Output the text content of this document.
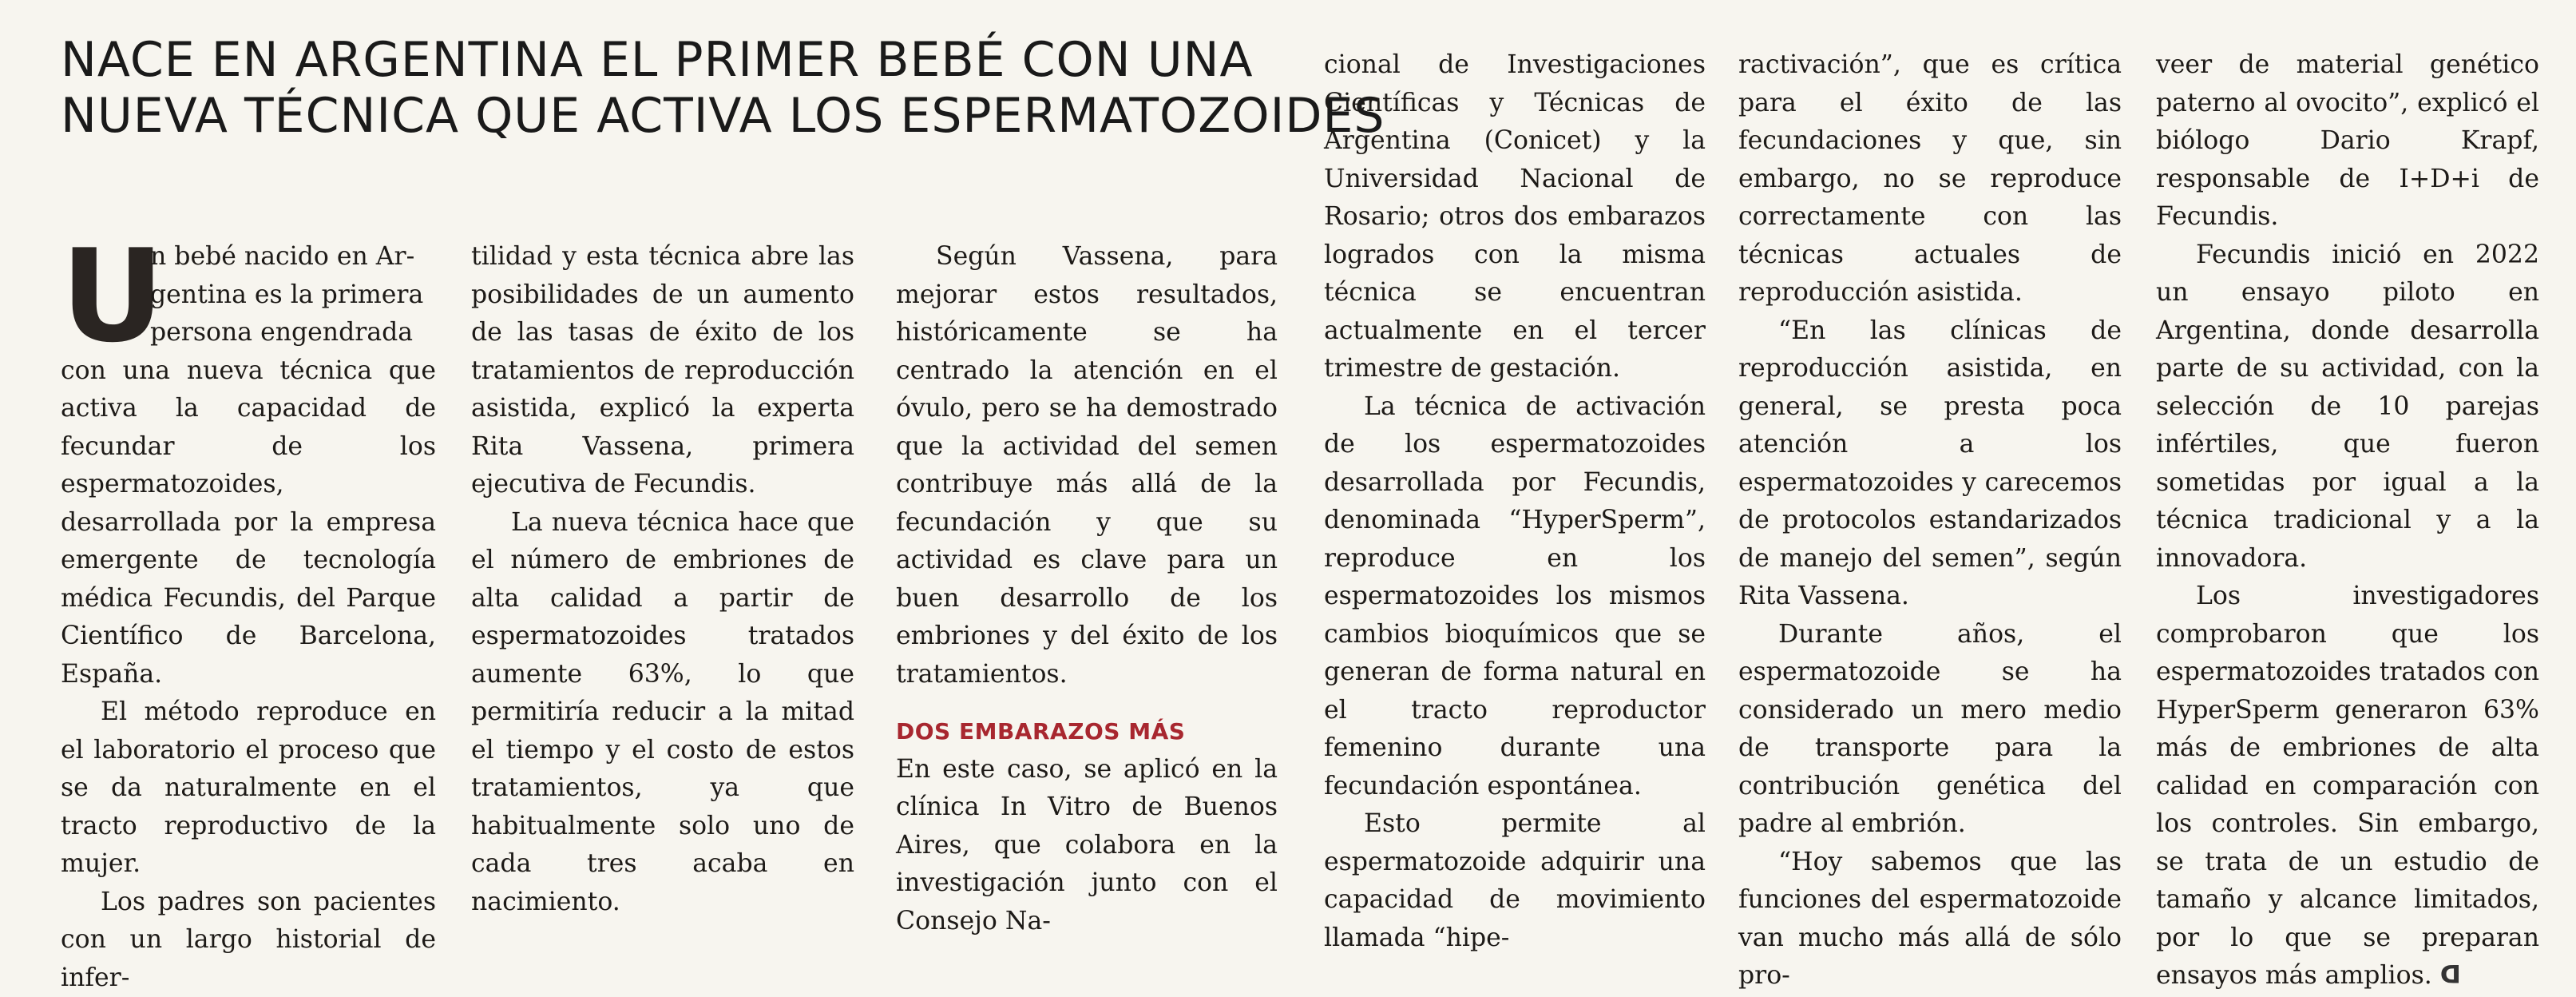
NACE EN ARGENTINA EL PRIMER BEBÉ CON UNA
NUEVA TÉCNICA QUE ACTIVA LOS ESPERMATOZOIDES
U

n bebé nacido en Ar-
gentina es la primera
persona engendrada
con una nueva técnica que activa la capacidad de fecundar de los espermatozoides, desarrollada por la empresa emergente de tecnología médica Fecundis, del Parque Científico de Barcelona, España.

El método reproduce en el laboratorio el proceso que se da naturalmente en el tracto reproductivo de la mujer.

Los padres son pacientes con un largo historial de infer-

tilidad y esta técnica abre las posibilidades de un aumento de las tasas de éxito de los tratamientos de reproducción asistida, explicó la experta Rita Vassena, primera ejecutiva de Fecundis.

La nueva técnica hace que el número de embriones de alta calidad a partir de espermatozoides tratados aumente 63%, lo que permitiría reducir a la mitad el tiempo y el costo de estos tratamientos, ya que habitualmente solo uno de cada tres acaba en nacimiento.

Según Vassena, para mejorar estos resultados, históricamente se ha centrado la atención en el óvulo, pero se ha demostrado que la actividad del semen contribuye más allá de la fecundación y que su actividad es clave para un buen desarrollo de los embriones y del éxito de los tratamientos.

DOS EMBARAZOS MÁS

En este caso, se aplicó en la clínica In Vitro de Buenos Aires, que colabora en la investigación junto con el Consejo Na-

cional de Investigaciones Científicas y Técnicas de Argentina (Conicet) y la Universidad Nacional de Rosario; otros dos embarazos logrados con la misma técnica se encuentran actualmente en el tercer trimestre de gestación.

La técnica de activación de los espermatozoides desarrollada por Fecundis, denominada “HyperSperm”, reproduce en los espermatozoides los mismos cambios bioquímicos que se generan de forma natural en el tracto reproductor femenino durante una fecundación espontánea.

Esto permite al espermatozoide adquirir una capacidad de movimiento llamada “hipe-

ractivación”, que es crítica para el éxito de las fecundaciones y que, sin embargo, no se reproduce correctamente con las técnicas actuales de reproducción asistida.

“En las clínicas de reproducción asistida, en general, se presta poca atención a los espermatozoides y carecemos de protocolos estandarizados de manejo del semen”, según Rita Vassena.

Durante años, el espermatozoide se ha considerado un mero medio de transporte para la contribución genética del padre al embrión.

“Hoy sabemos que las funciones del espermatozoide van mucho más allá de sólo pro-

veer de material genético paterno al ovocito”, explicó el biólogo Dario Krapf, responsable de I+D+i de Fecundis.

Fecundis inició en 2022 un ensayo piloto en Argentina, donde desarrolla parte de su actividad, con la selección de 10 parejas infértiles, que fueron sometidas por igual a la técnica tradicional y a la innovadora.

Los investigadores comprobaron que los espermatozoides tratados con HyperSperm generaron 63% más de embriones de alta calidad en comparación con los controles. Sin embargo, se trata de un estudio de tamaño y alcance limitados, por lo que se preparan ensayos más amplios. ᗡ
